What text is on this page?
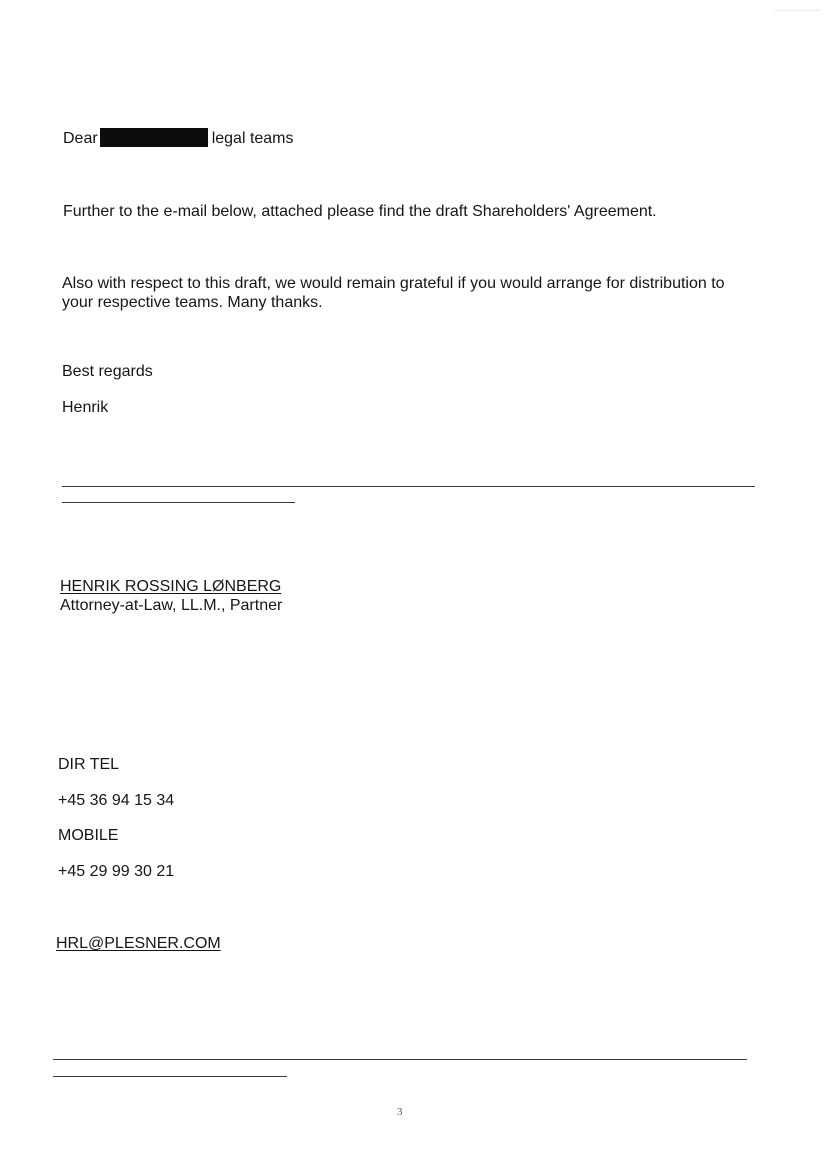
Dear	legal teams
Further to the e-mail below, attached please find the draft Shareholders' Agreement.
Also with respect to this draft, we would remain grateful if you would arrange for distribution to your respective teams. Many thanks.
Best regards
Henrik
HENRIK ROSSING LØNBERG
Attorney-at-Law, LL.M., Partner
DIR TEL
+45 36 94 15 34
MOBILE
+45 29 99 30 21
HRL@PLESNER.COM
3
